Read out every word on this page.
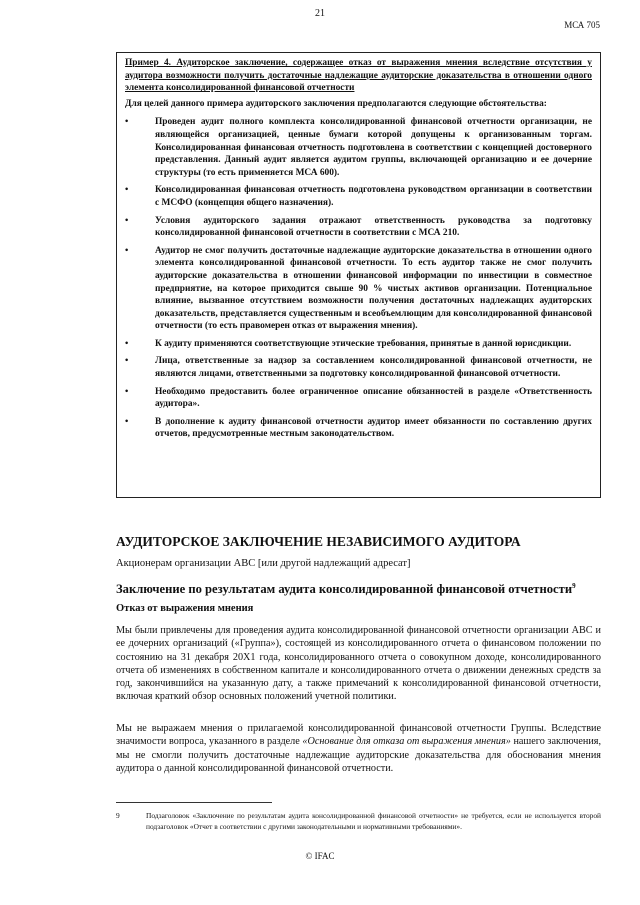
21
МСА 705

Пример 4. Аудиторское заключение, содержащее отказ от выражения мнения вследствие отсутствия у аудитора возможности получить достаточные надлежащие аудиторские доказательства в отношении одного элемента консолидированной финансовой отчетности

Для целей данного примера аудиторского заключения предполагаются следующие обстоятельства:

•	Проведен аудит полного комплекта консолидированной финансовой отчетности организации, не являющейся организацией, ценные бумаги которой допущены к организованным торгам. Консолидированная финансовая отчетность подготовлена в соответствии с концепцией достоверного представления. Данный аудит является аудитом группы, включающей организацию и ее дочерние структуры (то есть применяется МСА 600).
•	Консолидированная финансовая отчетность подготовлена руководством организации в соответствии с МСФО (концепция общего назначения).
•	Условия аудиторского задания отражают ответственность руководства за подготовку консолидированной финансовой отчетности в соответствии с МСА 210.
•	Аудитор не смог получить достаточные надлежащие аудиторские доказательства в отношении одного элемента консолидированной финансовой отчетности. То есть аудитор также не смог получить аудиторские доказательства в отношении финансовой информации по инвестиции в совместное предприятие, на которое приходится свыше 90 % чистых активов организации. Потенциальное влияние, вызванное отсутствием возможности получения достаточных надлежащих аудиторских доказательств, представляется существенным и всеобъемлющим для консолидированной финансовой отчетности (то есть правомерен отказ от выражения мнения).
•	К аудиту применяются соответствующие этические требования, принятые в данной юрисдикции.
•	Лица, ответственные за надзор за составлением консолидированной финансовой отчетности, не являются лицами, ответственными за подготовку консолидированной финансовой отчетности.
•	Необходимо предоставить более ограниченное описание обязанностей в разделе «Ответственность аудитора».
•	В дополнение к аудиту финансовой отчетности аудитор имеет обязанности по составлению других отчетов, предусмотренные местным законодательством.
АУДИТОРСКОЕ ЗАКЛЮЧЕНИЕ НЕЗАВИСИМОГО АУДИТОРА

Акционерам организации АВС [или другой надлежащий адресат]

Заключение по результатам аудита консолидированной финансовой отчетности$^9$
Отказ от выражения мнения

Мы были привлечены для проведения аудита консолидированной финансовой отчетности организации АВС и ее дочерних организаций («Группа»), состоящей из консолидированного отчета о финансовом положении по состоянию на 31 декабря 20Х1 года, консолидированного отчета о совокупном доходе, консолидированного отчета об изменениях в собственном капитале и консолидированного отчета о движении денежных средств за год, закончившийся на указанную дату, а также примечаний к консолидированной финансовой отчетности, включая краткий обзор основных положений учетной политики.

Мы не выражаем мнения о прилагаемой консолидированной финансовой отчетности Группы. Вследствие значимости вопроса, указанного в разделе «Основание для отказа от выражения мнения» нашего заключения, мы не смогли получить достаточные надлежащие аудиторские доказательства для обоснования мнения аудитора о данной консолидированной финансовой отчетности.

9	Подзаголовок «Заключение по результатам аудита консолидированной финансовой отчетности» не требуется, если не используется второй подзаголовок «Отчет в соответствии с другими законодательными и нормативными требованиями».

© IFAC
